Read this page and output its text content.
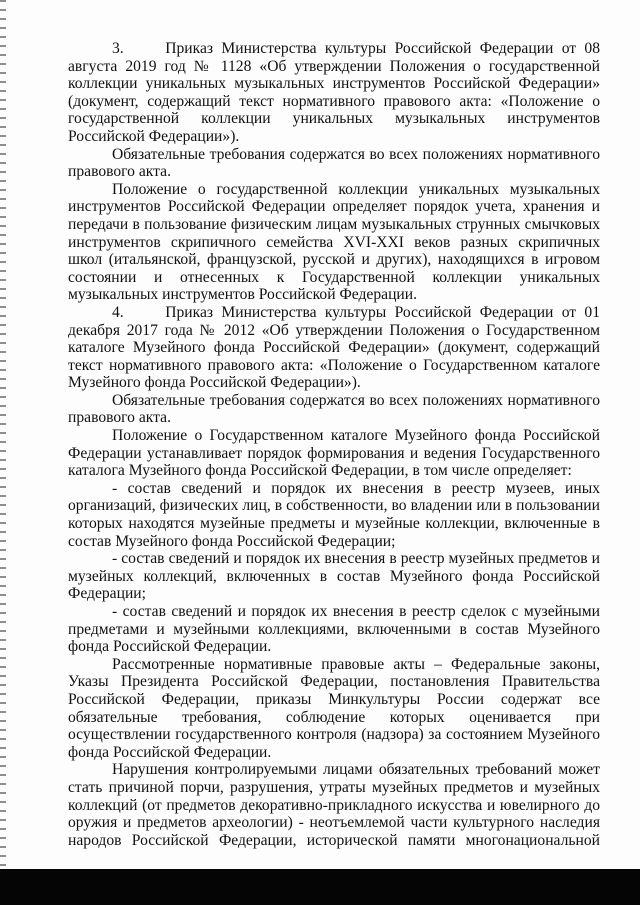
3.     Приказ Министерства культуры Российской Федерации от 08 августа 2019 год № 1128 «Об утверждении Положения о государственной коллекции уникальных музыкальных инструментов Российской Федерации» (документ, содержащий текст нормативного правового акта: «Положение о государственной коллекции уникальных музыкальных инструментов Российской Федерации»).

Обязательные требования содержатся во всех положениях нормативного правового акта.

Положение о государственной коллекции уникальных музыкальных инструментов Российской Федерации определяет порядок учета, хранения и передачи в пользование физическим лицам музыкальных струнных смычковых инструментов скрипичного семейства XVI-XXI веков разных скрипичных школ (итальянской, французской, русской и других), находящихся в игровом состоянии и отнесенных к Государственной коллекции уникальных музыкальных инструментов Российской Федерации.

4.     Приказ Министерства культуры Российской Федерации от 01 декабря 2017 года № 2012 «Об утверждении Положения о Государственном каталоге Музейного фонда Российской Федерации» (документ, содержащий текст нормативного правового акта: «Положение о Государственном каталоге Музейного фонда Российской Федерации»).

Обязательные требования содержатся во всех положениях нормативного правового акта.

Положение о Государственном каталоге Музейного фонда Российской Федерации устанавливает порядок формирования и ведения Государственного каталога Музейного фонда Российской Федерации, в том числе определяет:

- состав сведений и порядок их внесения в реестр музеев, иных организаций, физических лиц, в собственности, во владении или в пользовании которых находятся музейные предметы и музейные коллекции, включенные в состав Музейного фонда Российской Федерации;

- состав сведений и порядок их внесения в реестр музейных предметов и музейных коллекций, включенных в состав Музейного фонда Российской Федерации;

- состав сведений и порядок их внесения в реестр сделок с музейными предметами и музейными коллекциями, включенными в состав Музейного фонда Российской Федерации.

Рассмотренные нормативные правовые акты – Федеральные законы, Указы Президента Российской Федерации, постановления Правительства Российской Федерации, приказы Минкультуры России содержат все обязательные требования, соблюдение которых оценивается при осуществлении государственного контроля (надзора) за состоянием Музейного фонда Российской Федерации.

Нарушения контролируемыми лицами обязательных требований может стать причиной порчи, разрушения, утраты музейных предметов и музейных коллекций (от предметов декоративно-прикладного искусства и ювелирного до оружия и предметов археологии) - неотъемлемой части культурного наследия народов Российской Федерации, исторической памяти многонациональной
